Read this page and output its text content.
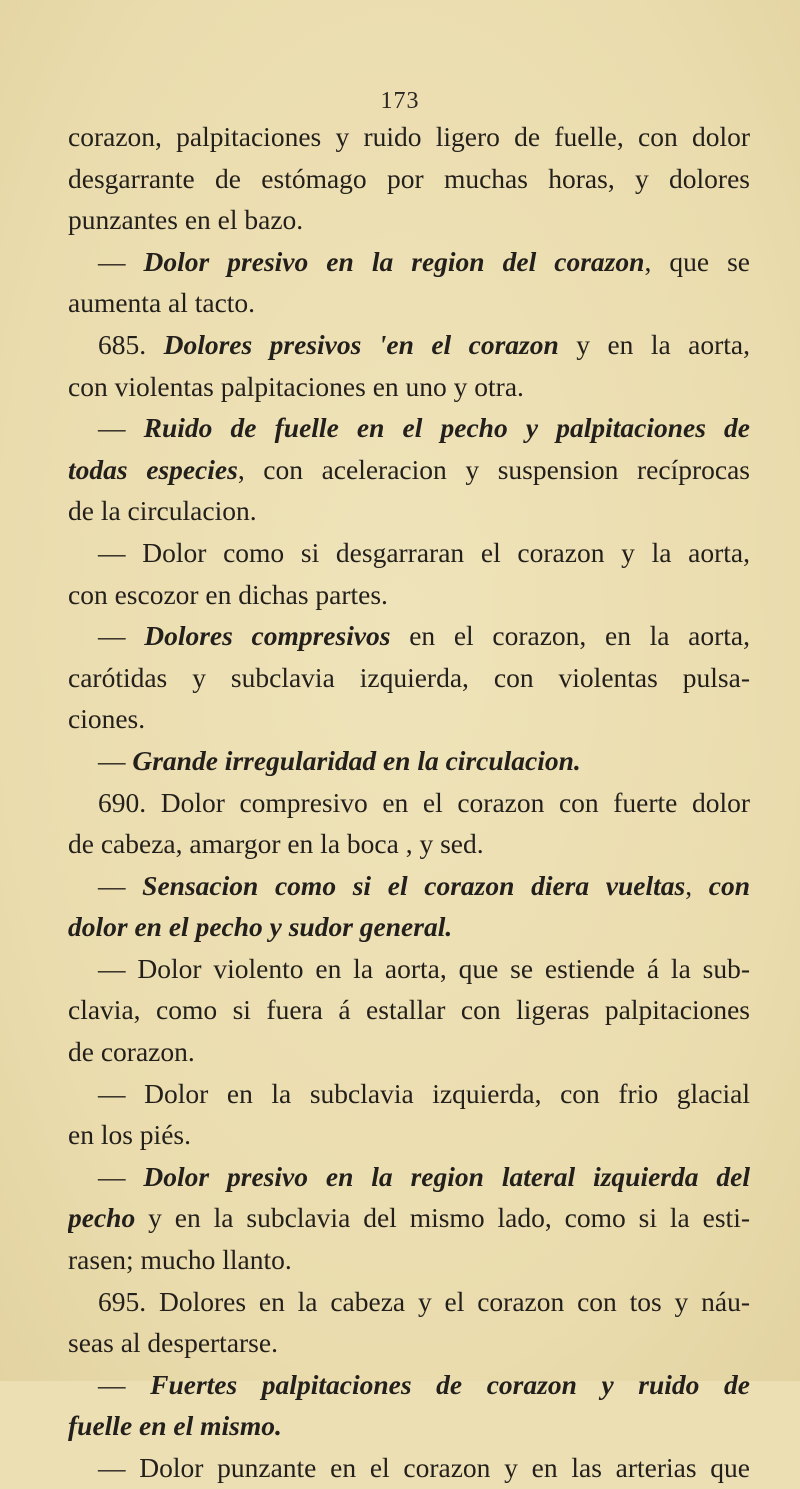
173
corazon, palpitaciones y ruido ligero de fuelle, con dolor
desgarrante de estómago por muchas horas, y dolores
punzantes en el bazo.
— Dolor presivo en la region del corazon, que se
aumenta al tacto.
685. Dolores presivos 'en el corazon y en la aorta,
con violentas palpitaciones en uno y otra.
— Ruido de fuelle en el pecho y palpitaciones de
todas especies, con aceleracion y suspension recíprocas
de la circulacion.
— Dolor como si desgarraran el corazon y la aorta,
con escozor en dichas partes.
— Dolores compresivos en el corazon, en la aorta,
carótidas y subclavia izquierda, con violentas pulsa-
ciones.
— Grande irregularidad en la circulacion.
690. Dolor compresivo en el corazon con fuerte dolor
de cabeza, amargor en la boca , y sed.
— Sensacion como si el corazon diera vueltas, con
dolor en el pecho y sudor general.
— Dolor violento en la aorta, que se estiende á la sub-
clavia, como si fuera á estallar con ligeras palpitaciones
de corazon.
— Dolor en la subclavia izquierda, con frio glacial
en los piés.
— Dolor presivo en la region lateral izquierda del
pecho y en la subclavia del mismo lado, como si la esti-
rasen; mucho llanto.
695. Dolores en la cabeza y el corazon con tos y náu-
seas al despertarse.
— Fuertes palpitaciones de corazon y ruido de
fuelle en el mismo.
— Dolor punzante en el corazon y en las arterias que
